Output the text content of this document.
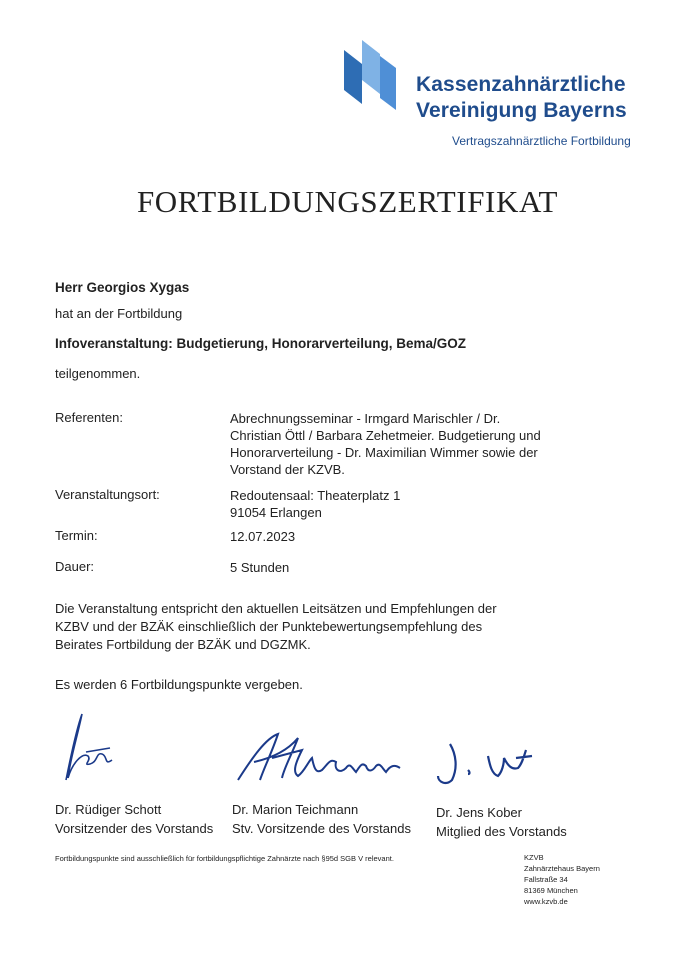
Kassenzahnärztliche
Vereinigung Bayerns
Vertragszahnärztliche Fortbildung
FORTBILDUNGSZERTIFIKAT
Herr Georgios Xygas
hat an der Fortbildung
Infoveranstaltung: Budgetierung, Honorarverteilung, Bema/GOZ
teilgenommen.
Referenten:	Abrechnungsseminar - Irmgard Marischler / Dr.
Christian Öttl / Barbara Zehetmeier. Budgetierung und
Honorarverteilung - Dr. Maximilian Wimmer sowie der
Vorstand der KZVB.
Veranstaltungsort:	Redoutensaal: Theaterplatz 1
91054 Erlangen
Termin:	12.07.2023
Dauer:	5 Stunden
Die Veranstaltung entspricht den aktuellen Leitsätzen und Empfehlungen der
KZBV und der BZÄK einschließlich der Punktebewertungsempfehlung des
Beirates Fortbildung der BZÄK und DGZMK.
Es werden 6 Fortbildungspunkte vergeben.
Dr. Rüdiger Schott
Vorsitzender des Vorstands
Dr. Marion Teichmann
Stv. Vorsitzende des Vorstands
Dr. Jens Kober
Mitglied des Vorstands
Fortbildungspunkte sind ausschließlich für fortbildungspflichtige Zahnärzte nach §95d SGB V relevant.	KZVB
Zahnärztehaus Bayern
Fallstraße 34
81369 München
www.kzvb.de
